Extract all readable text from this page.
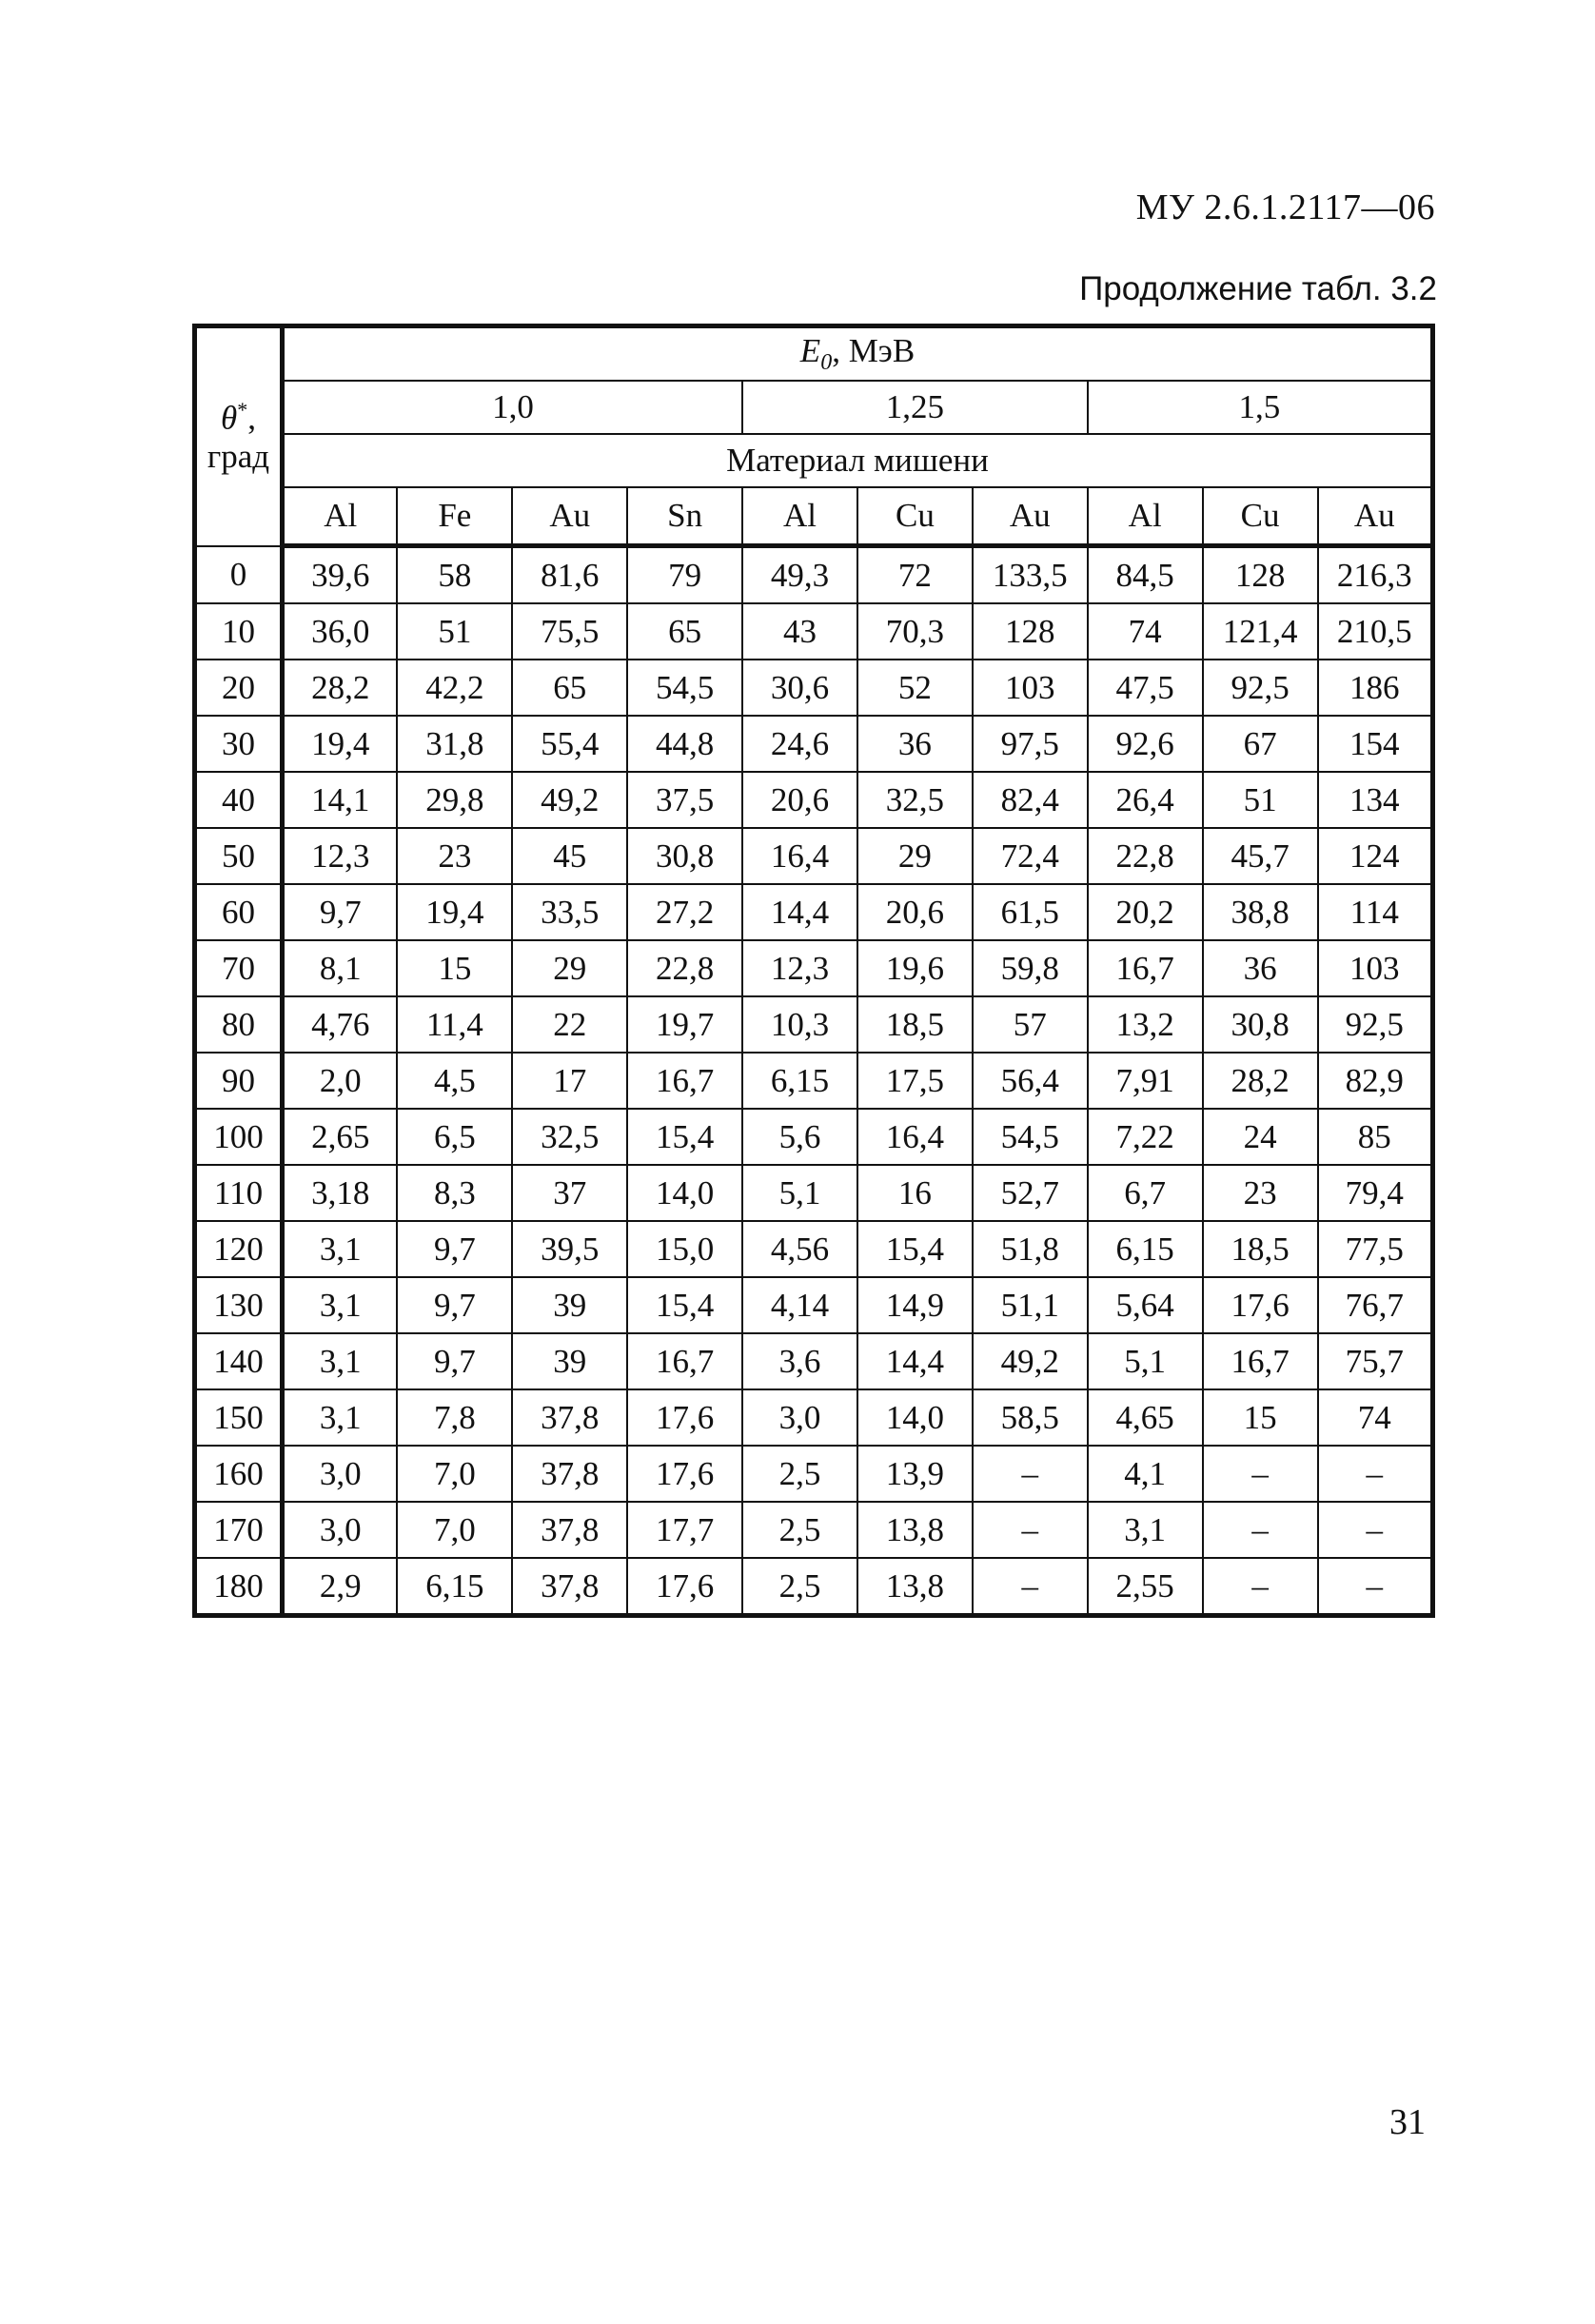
МУ 2.6.1.2117—06
Продолжение табл. 3.2
θ*,
град	$E_0$, МэВ									
	1,0				1,25			1,5		
	Материал мишени									
	Al	Fe	Au	Sn	Al	Cu	Au	Al	Cu	Au
0	39,6	58	81,6	79	49,3	72	133,5	84,5	128	216,3
10	36,0	51	75,5	65	43	70,3	128	74	121,4	210,5
20	28,2	42,2	65	54,5	30,6	52	103	47,5	92,5	186
30	19,4	31,8	55,4	44,8	24,6	36	97,5	92,6	67	154
40	14,1	29,8	49,2	37,5	20,6	32,5	82,4	26,4	51	134
50	12,3	23	45	30,8	16,4	29	72,4	22,8	45,7	124
60	9,7	19,4	33,5	27,2	14,4	20,6	61,5	20,2	38,8	114
70	8,1	15	29	22,8	12,3	19,6	59,8	16,7	36	103
80	4,76	11,4	22	19,7	10,3	18,5	57	13,2	30,8	92,5
90	2,0	4,5	17	16,7	6,15	17,5	56,4	7,91	28,2	82,9
100	2,65	6,5	32,5	15,4	5,6	16,4	54,5	7,22	24	85
110	3,18	8,3	37	14,0	5,1	16	52,7	6,7	23	79,4
120	3,1	9,7	39,5	15,0	4,56	15,4	51,8	6,15	18,5	77,5
130	3,1	9,7	39	15,4	4,14	14,9	51,1	5,64	17,6	76,7
140	3,1	9,7	39	16,7	3,6	14,4	49,2	5,1	16,7	75,7
150	3,1	7,8	37,8	17,6	3,0	14,0	58,5	4,65	15	74
160	3,0	7,0	37,8	17,6	2,5	13,9	–	4,1	–	–
170	3,0	7,0	37,8	17,7	2,5	13,8	–	3,1	–	–
180	2,9	6,15	37,8	17,6	2,5	13,8	–	2,55	–	–
31
